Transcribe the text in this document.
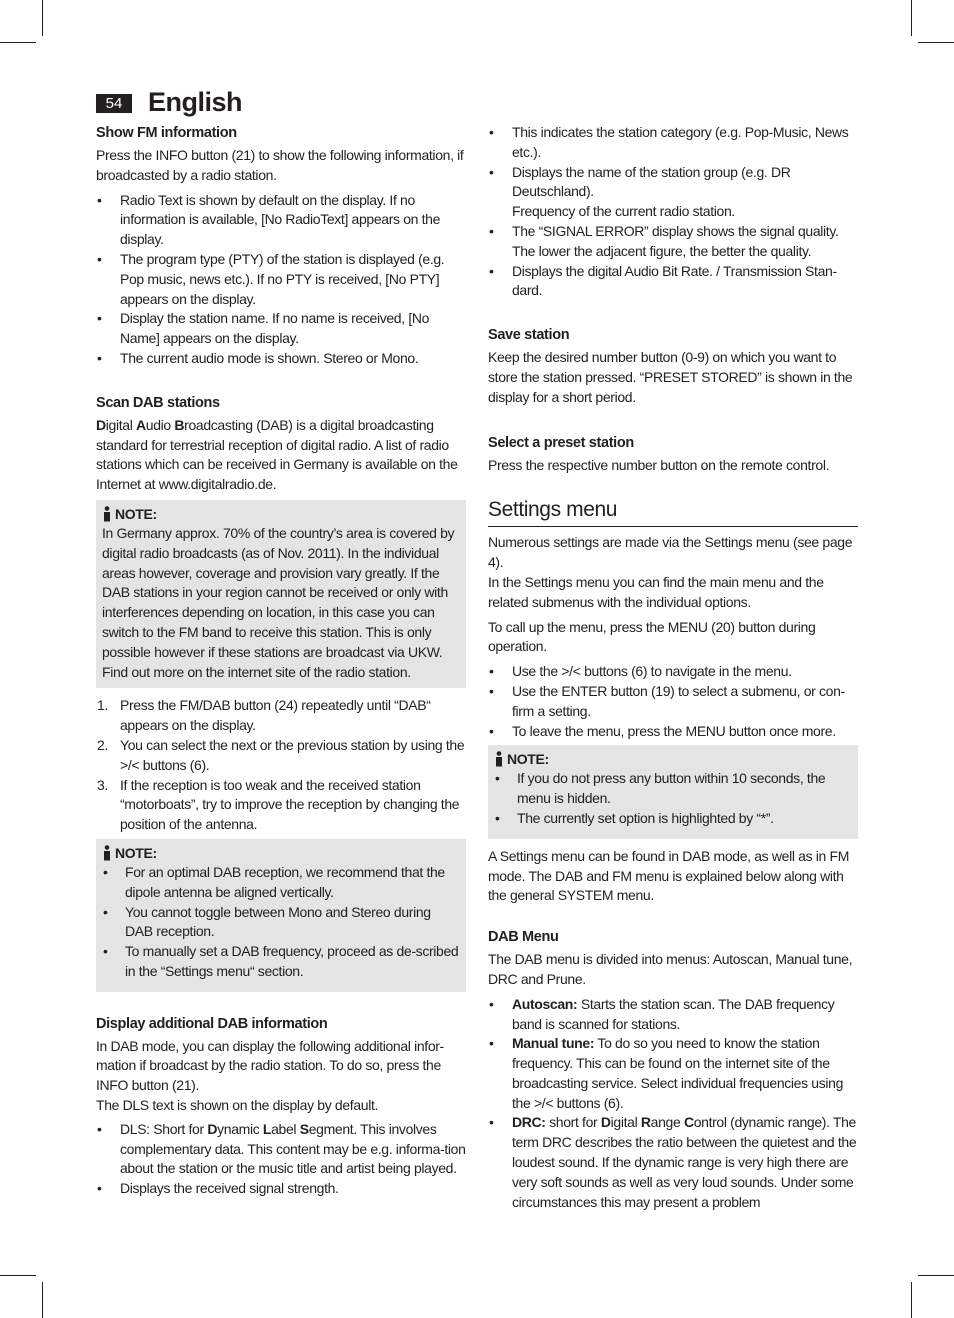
54 English
Show FM information

Press the INFO button (21) to show the following information, if broadcasted by a radio station.

• Radio Text is shown by default on the display. If no information is available, [No RadioText] appears on the display.
• The program type (PTY) of the station is displayed (e.g. Pop music, news etc.). If no PTY is received, [No PTY] appears on the display.
• Display the station name. If no name is received, [No Name] appears on the display.
• The current audio mode is shown. Stereo or Mono.
Scan DAB stations

Digital Audio Broadcasting (DAB) is a digital broadcasting standard for terrestrial reception of digital radio. A list of radio stations which can be received in Germany is available on the Internet at www.digitalradio.de.

NOTE:
In Germany approx. 70% of the country’s area is covered by digital radio broadcasts (as of Nov. 2011). In the individual areas however, coverage and provision vary greatly. If the DAB stations in your region cannot be received or only with interferences depending on location, in this case you can switch to the FM band to receive this station. This is only possible however if these stations are broadcast via UKW. Find out more on the internet site of the radio station.
1. Press the FM/DAB button (24) repeatedly until “DAB“ appears on the display.
2. You can select the next or the previous station by using the >/< buttons (6).
3. If the reception is too weak and the received station “motorboats”, try to improve the reception by changing the position of the antenna.
NOTE:
• For an optimal DAB reception, we recommend that the dipole antenna be aligned vertically.
• You cannot toggle between Mono and Stereo during DAB reception.
• To manually set a DAB frequency, proceed as de-scribed in the “Settings menu“ section.
Display additional DAB information

In DAB mode, you can display the following additional infor-mation if broadcast by the radio station. To do so, press the INFO button (21).
The DLS text is shown on the display by default.

• DLS: Short for Dynamic Label Segment. This involves complementary data. This content may be e.g. informa-tion about the station or the music title and artist being played.
• Displays the received signal strength.
• This indicates the station category (e.g. Pop-Music, News etc.).
• Displays the name of the station group (e.g. DR Deutschland).
Frequency of the current radio station.
• The “SIGNAL ERROR” display shows the signal quality. The lower the adjacent figure, the better the quality.
• Displays the digital Audio Bit Rate. / Transmission Stan-dard.
Save station

Keep the desired number button (0-9) on which you want to store the station pressed. “PRESET STORED” is shown in the display for a short period.

Select a preset station

Press the respective number button on the remote control.

Settings menu

Numerous settings are made via the Settings menu (see page 4).
In the Settings menu you can find the main menu and the related submenus with the individual options.

To call up the menu, press the MENU (20) button during operation.

• Use the >/< buttons (6) to navigate in the menu.
• Use the ENTER button (19) to select a submenu, or con-firm a setting.
• To leave the menu, press the MENU button once more.
NOTE:
• If you do not press any button within 10 seconds, the menu is hidden.
• The currently set option is highlighted by “*”.

A Settings menu can be found in DAB mode, as well as in FM mode. The DAB and FM menu is explained below along with the general SYSTEM menu.

DAB Menu

The DAB menu is divided into menus: Autoscan, Manual tune, DRC and Prune.

• Autoscan: Starts the station scan. The DAB frequency band is scanned for stations.
• Manual tune: To do so you need to know the station frequency. This can be found on the internet site of the broadcasting service. Select individual frequencies using the >/< buttons (6).
• DRC: short for Digital Range Control (dynamic range). The term DRC describes the ratio between the quietest and the loudest sound. If the dynamic range is very high there are very soft sounds as well as very loud sounds. Under some circumstances this may present a problem
